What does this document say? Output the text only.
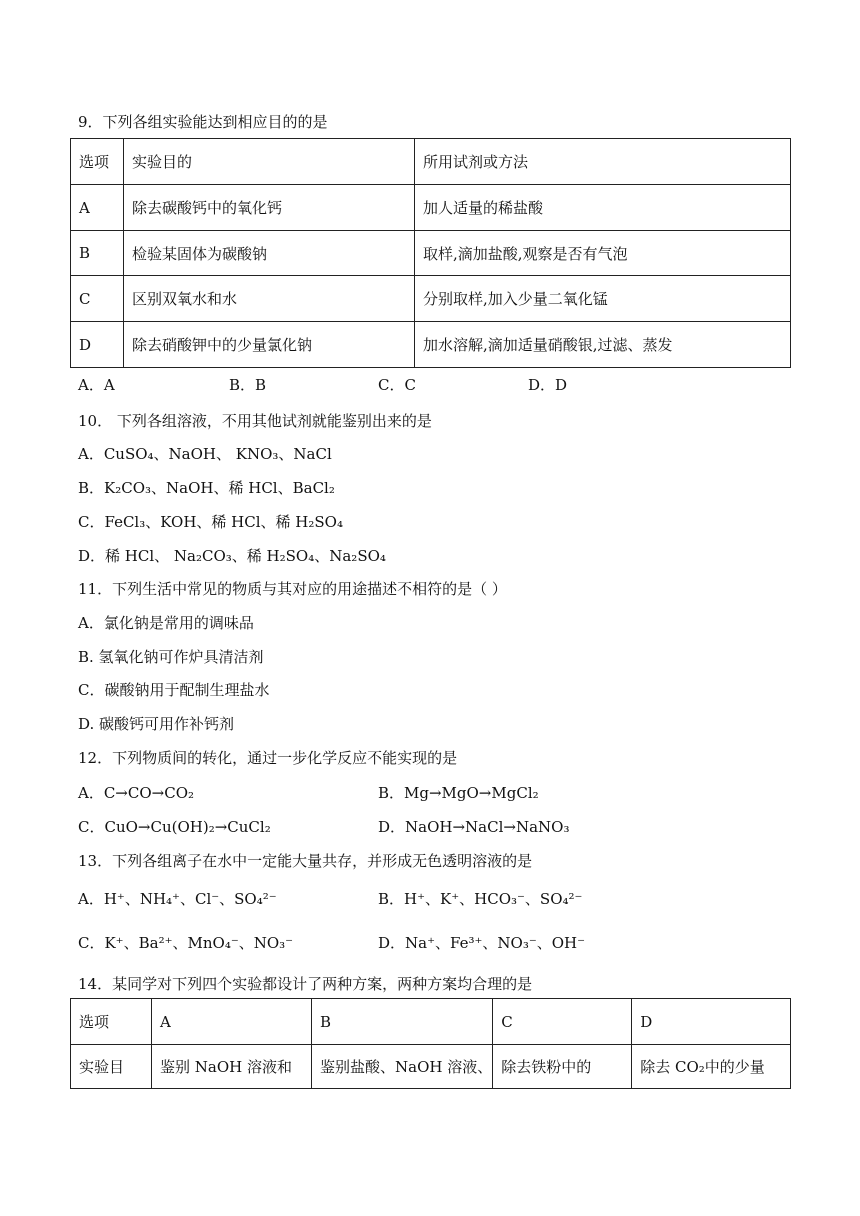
9．下列各组实验能达到相应目的的是
选项	实验目的	所用试剂或方法
A	除去碳酸钙中的氧化钙	加人适量的稀盐酸
B	检验某固体为碳酸钠	取样,滴加盐酸,观察是否有气泡
C	区别双氧水和水	分别取样,加入少量二氧化锰
D	除去硝酸钾中的少量氯化钠	加水溶解,滴加适量硝酸银,过滤、蒸发
A．A	B．B	C．C	D．D
10． 下列各组溶液，不用其他试剂就能鉴别出来的是
A．CuSO₄、NaOH、 KNO₃、NaCl
B．K₂CO₃、NaOH、稀 HCl、BaCl₂
C．FeCl₃、KOH、稀 HCl、稀 H₂SO₄
D．稀 HCl、 Na₂CO₃、稀 H₂SO₄、Na₂SO₄
11．下列生活中常见的物质与其对应的用途描述不相符的是（ ）
A．氯化钠是常用的调味品
B. 氢氧化钠可作炉具清洁剂
C．碳酸钠用于配制生理盐水
D. 碳酸钙可用作补钙剂
12．下列物质间的转化，通过一步化学反应不能实现的是
A．C→CO→CO₂	B．Mg→MgO→MgCl₂
C．CuO→Cu(OH)₂→CuCl₂	D．NaOH→NaCl→NaNO₃
13．下列各组离子在水中一定能大量共存，并形成无色透明溶液的是
A．H⁺、NH₄⁺、Cl⁻、SO₄²⁻	B．H⁺、K⁺、HCO₃⁻、SO₄²⁻
C．K⁺、Ba²⁺、MnO₄⁻、NO₃⁻	D．Na⁺、Fe³⁺、NO₃⁻、OH⁻
14．某同学对下列四个实验都设计了两种方案，两种方案均合理的是
选项	A	B	C	D
实验目	鉴别 NaOH 溶液和	鉴别盐酸、NaOH 溶液、	除去铁粉中的	除去 CO₂中的少量
